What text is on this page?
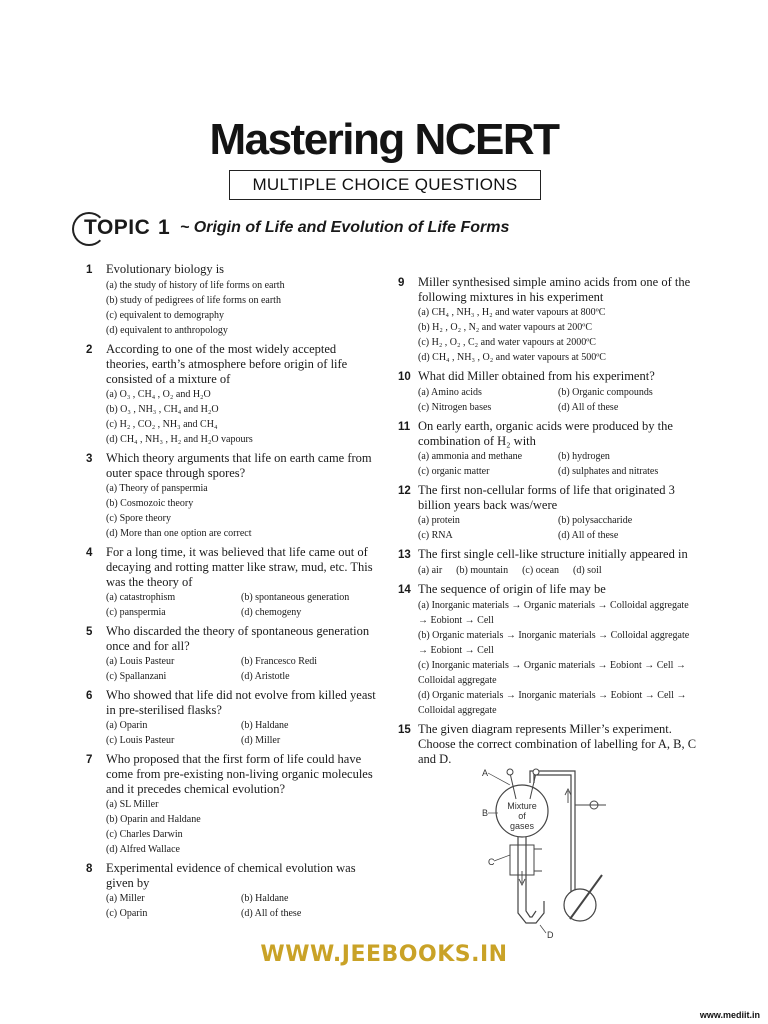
Mastering NCERT
MULTIPLE CHOICE QUESTIONS
TOPIC 1 ~ Origin of Life and Evolution of Life Forms
1	Evolutionary biology is
(a) the study of history of life forms on earth
(b) study of pedigrees of life forms on earth
(c) equivalent to demography
(d) equivalent to anthropology
2	According to one of the most widely accepted theories, earth’s atmosphere before origin of life consisted of a mixture of
(a) O₃ , CH₄ , O₂ and H₂O
(b) O₃ , NH₃ , CH₄ and H₂O
(c) H₂ , CO₂ , NH₃ and CH₄
(d) CH₄ , NH₃ , H₂ and H₂O vapours
3	Which theory arguments that life on earth came from outer space through spores?
(a) Theory of panspermia
(b) Cosmozoic theory
(c) Spore theory
(d) More than one option are correct
4	For a long time, it was believed that life came out of decaying and rotting matter like straw, mud, etc. This was the theory of
(a) catastrophism	(b) spontaneous generation
(c) panspermia	(d) chemogeny
5	Who discarded the theory of spontaneous generation once and for all?
(a) Louis Pasteur	(b) Francesco Redi
(c) Spallanzani	(d) Aristotle
6	Who showed that life did not evolve from killed yeast in pre-sterilised flasks?
(a) Oparin	(b) Haldane
(c) Louis Pasteur	(d) Miller
7	Who proposed that the first form of life could have come from pre-existing non-living organic molecules and it precedes chemical evolution?
(a) SL Miller
(b) Oparin and Haldane
(c) Charles Darwin
(d) Alfred Wallace
8	Experimental evidence of chemical evolution was given by
(a) Miller	(b) Haldane
(c) Oparin	(d) All of these
9	Miller synthesised simple amino acids from one of the following mixtures in his experiment
(a) CH₄ , NH₃ , H₂ and water vapours at 800ºC
(b) H₂ , O₂ , N₂ and water vapours at 200ºC
(c) H₂ , O₂ , C₂ and water vapours at 2000ºC
(d) CH₄ , NH₃ , O₂ and water vapours at 500ºC
10 What did Miller obtained from his experiment?
(a) Amino acids	(b) Organic compounds
(c) Nitrogen bases	(d) All of these
11 On early earth, organic acids were produced by the combination of H₂ with
(a) ammonia and methane	(b) hydrogen
(c) organic matter	(d) sulphates and nitrates
12 The first non-cellular forms of life that originated 3 billion years back was/were
(a) protein	(b) polysaccharide
(c) RNA	(d) All of these
13 The first single cell-like structure initially appeared in
(a) air (b) mountain (c) ocean (d) soil
14 The sequence of origin of life may be
(a) Inorganic materials → Organic materials → Colloidal aggregate → Eobiont → Cell
(b) Organic materials → Inorganic materials → Colloidal aggregate → Eobiont → Cell
(c) Inorganic materials → Organic materials → Eobiont → Cell → Colloidal aggregate
(d) Organic materials → Inorganic materials → Eobiont → Cell → Colloidal aggregate
15 The given diagram represents Miller’s experiment. Choose the correct combination of labelling for A, B, C and D.
Mixture
of
gases
A
B
C
D
WWW.JEEBOOKS.IN
www.mediit.in
